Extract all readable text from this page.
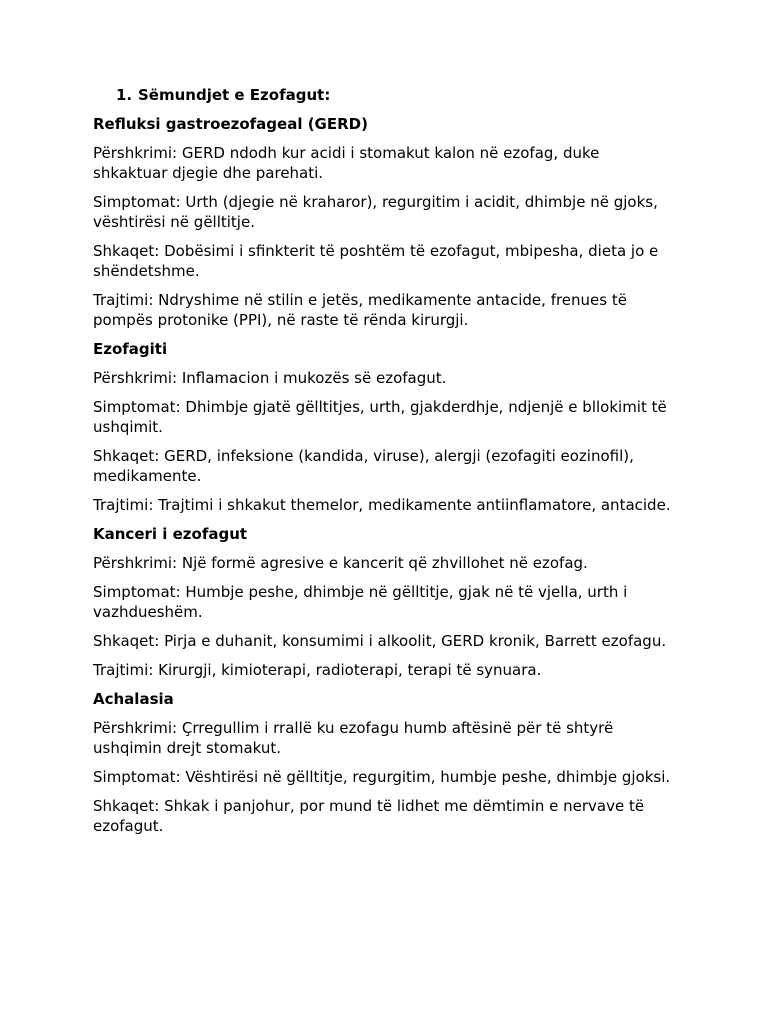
1. Sëmundjet e Ezofagut:
Refluksi gastroezofageal (GERD)
Përshkrimi: GERD ndodh kur acidi i stomakut kalon në ezofag, duke shkaktuar djegie dhe parehati.
Simptomat: Urth (djegie në kraharor), regurgitim i acidit, dhimbje në gjoks, vështirësi në gëlltitje.
Shkaqet: Dobësimi i sfinkterit të poshtëm të ezofagut, mbipesha, dieta jo e shëndetshme.
Trajtimi: Ndryshime në stilin e jetës, medikamente antacide, frenues të pompës protonike (PPI), në raste të rënda kirurgji.
Ezofagiti
Përshkrimi: Inflamacion i mukozës së ezofagut.
Simptomat: Dhimbje gjatë gëlltitjes, urth, gjakderdhje, ndjenjë e bllokimit të ushqimit.
Shkaqet: GERD, infeksione (kandida, viruse), alergji (ezofagiti eozinofil), medikamente.
Trajtimi: Trajtimi i shkakut themelor, medikamente antiinflamatore, antacide.
Kanceri i ezofagut
Përshkrimi: Një formë agresive e kancerit që zhvillohet në ezofag.
Simptomat: Humbje peshe, dhimbje në gëlltitje, gjak në të vjella, urth i vazhdueshëm.
Shkaqet: Pirja e duhanit, konsumimi i alkoolit, GERD kronik, Barrett ezofagu.
Trajtimi: Kirurgji, kimioterapi, radioterapi, terapi të synuara.
Achalasia
Përshkrimi: Çrregullim i rrallë ku ezofagu humb aftësinë për të shtyrë ushqimin drejt stomakut.
Simptomat: Vështirësi në gëlltitje, regurgitim, humbje peshe, dhimbje gjoksi.
Shkaqet: Shkak i panjohur, por mund të lidhet me dëmtimin e nervave të ezofagut.
